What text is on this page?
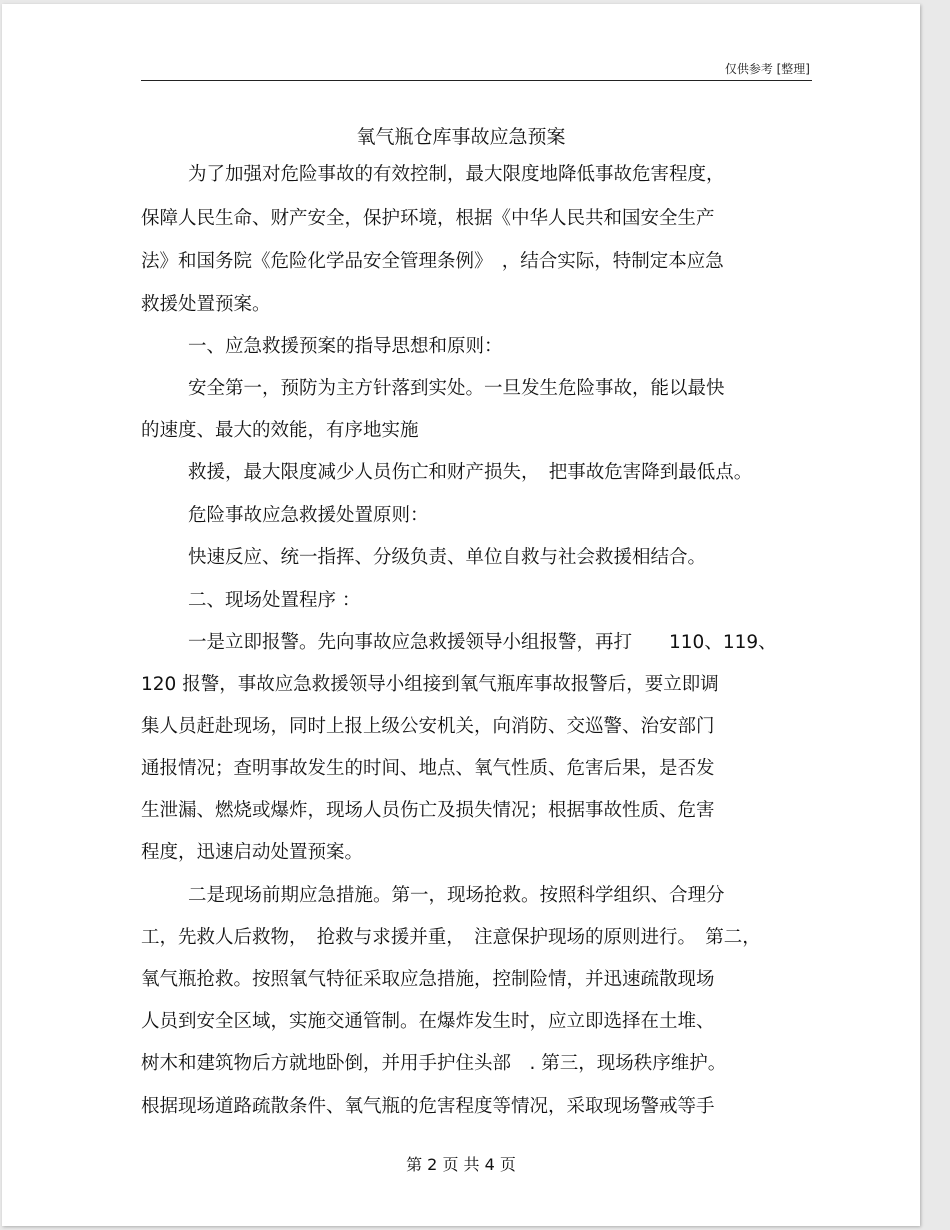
仅供参考 [整理]
氧气瓶仓库事故应急预案
为了加强对危险事故的有效控制，最大限度地降低事故危害程度，
保障人民生命、财产安全，保护环境，根据《中华人民共和国安全生产
法》和国务院《危险化学品安全管理条例》　，结合实际，特制定本应急
救援处置预案。
一、应急救援预案的指导思想和原则：
安全第一，预防为主方针落到实处。一旦发生危险事故，能以最快
的速度、最大的效能，有序地实施
救援，最大限度减少人员伤亡和财产损失，　把事故危害降到最低点。
危险事故应急救援处置原则：
快速反应、统一指挥、分级负责、单位自救与社会救援相结合。
二、现场处置程序 ：
一是立即报警。先向事故应急救援领导小组报警，再打　　110、119、
120 报警，事故应急救援领导小组接到氧气瓶库事故报警后，要立即调
集人员赶赴现场，同时上报上级公安机关，向消防、交巡警、治安部门
通报情况；查明事故发生的时间、地点、氧气性质、危害后果，是否发
生泄漏、燃烧或爆炸，现场人员伤亡及损失情况；根据事故性质、危害
程度，迅速启动处置预案。
二是现场前期应急措施。第一，现场抢救。按照科学组织、合理分
工，先救人后救物，　抢救与求援并重，　注意保护现场的原则进行。　第二，
氧气瓶抢救。按照氧气特征采取应急措施，控制险情，并迅速疏散现场
人员到安全区域，实施交通管制。在爆炸发生时，应立即选择在土堆、
树木和建筑物后方就地卧倒，并用手护住头部　. 第三，现场秩序维护。
根据现场道路疏散条件、氧气瓶的危害程度等情况，采取现场警戒等手
第 2 页 共 4 页
